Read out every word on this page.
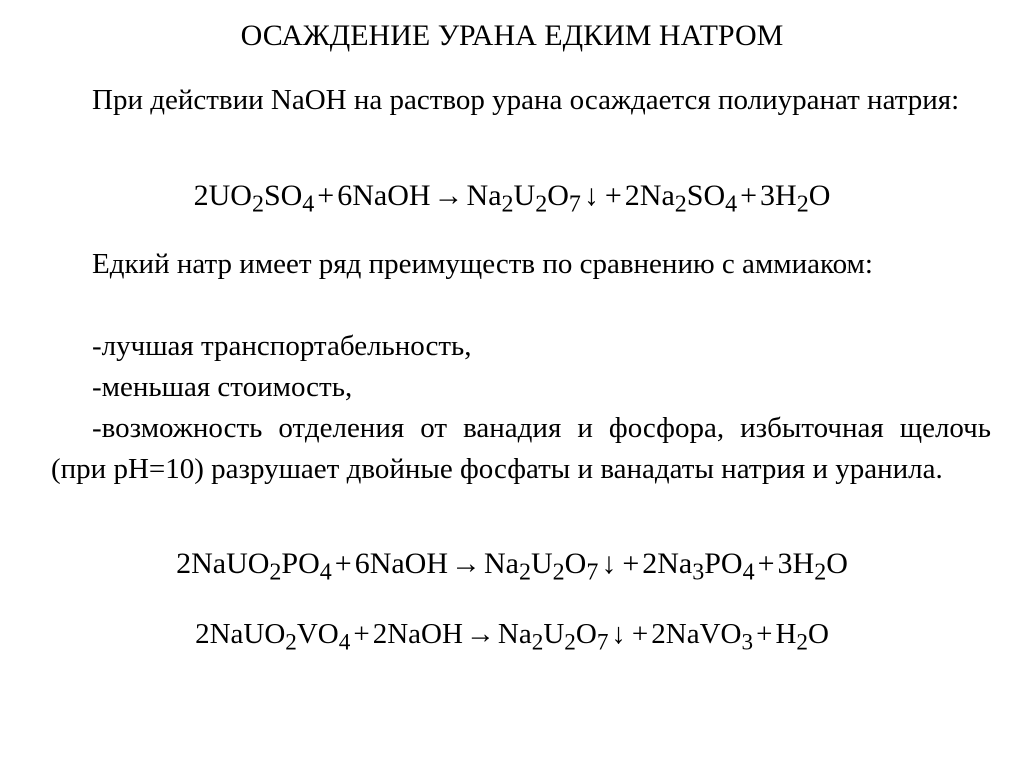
ОСАЖДЕНИЕ УРАНА ЕДКИМ НАТРОМ
При действии NaOH на раствор урана осаждается полиуранат натрия:
$2UO_2SO_4$ + 6NaOH → $Na_2U_2O_7$ ↓ + $2Na_2SO_4 + 3H_2O$
Едкий натр имеет ряд преимуществ по сравнению с аммиаком:
-лучшая транспортабельность,
-меньшая стоимость,
-возможность отделения от ванадия и фосфора, избыточная щелочь (при pH=10) разрушает двойные фосфаты и ванадаты натрия и уранила.
$2NaUO_2PO_4$ + 6NaOH → $Na_2U_2O_7$ ↓ + $2Na_3PO_4 + 3H_2O$
$2NaUO_2VO_4$ + 2NaOH → $Na_2U_2O_7$ ↓ + 2NaVO$_3$ + $H_2O$
